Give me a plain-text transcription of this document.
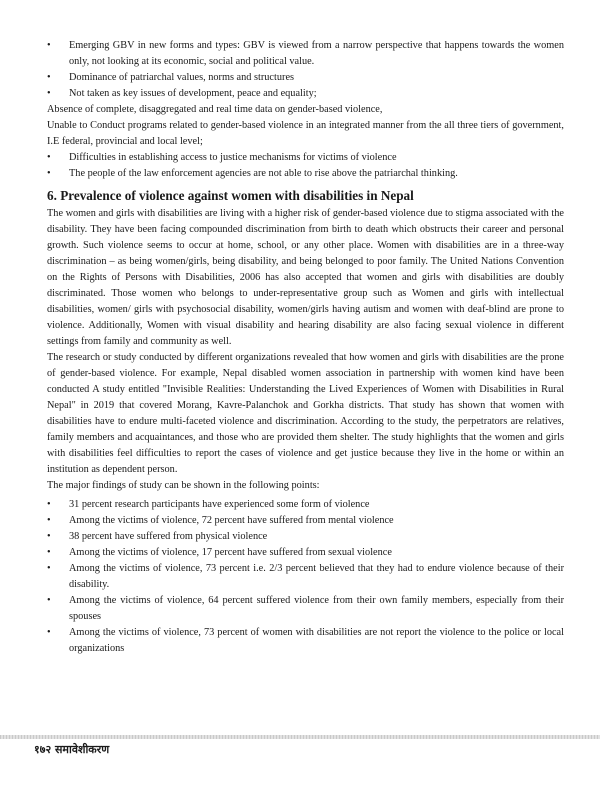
• Emerging GBV in new forms and types: GBV is viewed from a narrow perspective that happens towards the women only, not looking at its economic, social and political value.
• Dominance of patriarchal values, norms and structures
• Not taken as key issues of development, peace and equality;

Absence of complete, disaggregated and real time data on gender-based violence,

Unable to Conduct programs related to gender-based violence in an integrated manner from the all three tiers of government, I.E federal, provincial and local level;

• Difficulties in establishing access to justice mechanisms for victims of violence
• The people of the law enforcement agencies are not able to rise above the patriarchal thinking.
6. Prevalence of violence against women with disabilities in Nepal

The women and girls with disabilities are living with a higher risk of gender-based violence due to stigma associated with the disability. They have been facing compounded discrimination from birth to death which obstructs their career and personal growth. Such violence seems to occur at home, school, or any other place. Women with disabilities are in a three-way discrimination – as being women/girls, being disability, and being belonged to poor family. The United Nations Convention on the Rights of Persons with Disabilities, 2006 has also accepted that women and girls with disabilities are doubly discriminated. Those women who belongs to under-representative group such as Women and girls with intellectual disabilities, women/ girls with psychosocial disability, women/girls having autism and women with deaf-blind are prone to violence. Additionally, Women with visual disability and hearing disability are also facing sexual violence in different settings from family and community as well.

The research or study conducted by different organizations revealed that how women and girls with disabilities are the prone of gender-based violence. For example, Nepal disabled women association in partnership with women kind have been conducted A study entitled "Invisible Realities: Understanding the Lived Experiences of Women with Disabilities in Rural Nepal" in 2019 that covered Morang, Kavre-Palanchok and Gorkha districts. That study has shown that women with disabilities have to endure multi-faceted violence and discrimination. According to the study, the perpetrators are relatives, family members and acquaintances, and those who are provided them shelter. The study highlights that the women and girls with disabilities feel difficulties to report the cases of violence and get justice because they live in the home or within an institution as dependent person.

The major findings of study can be shown in the following points:

• 31 percent research participants have experienced some form of violence
• Among the victims of violence, 72 percent have suffered from mental violence
• 38 percent have suffered from physical violence
• Among the victims of violence, 17 percent have suffered from sexual violence
• Among the victims of violence, 73 percent i.e. 2/3 percent believed that they had to endure violence because of their disability.
• Among the victims of violence, 64 percent suffered violence from their own family members, especially from their spouses
• Among the victims of violence, 73 percent of women with disabilities are not report the violence to the police or local organizations
१७२ समावेशीकरण
